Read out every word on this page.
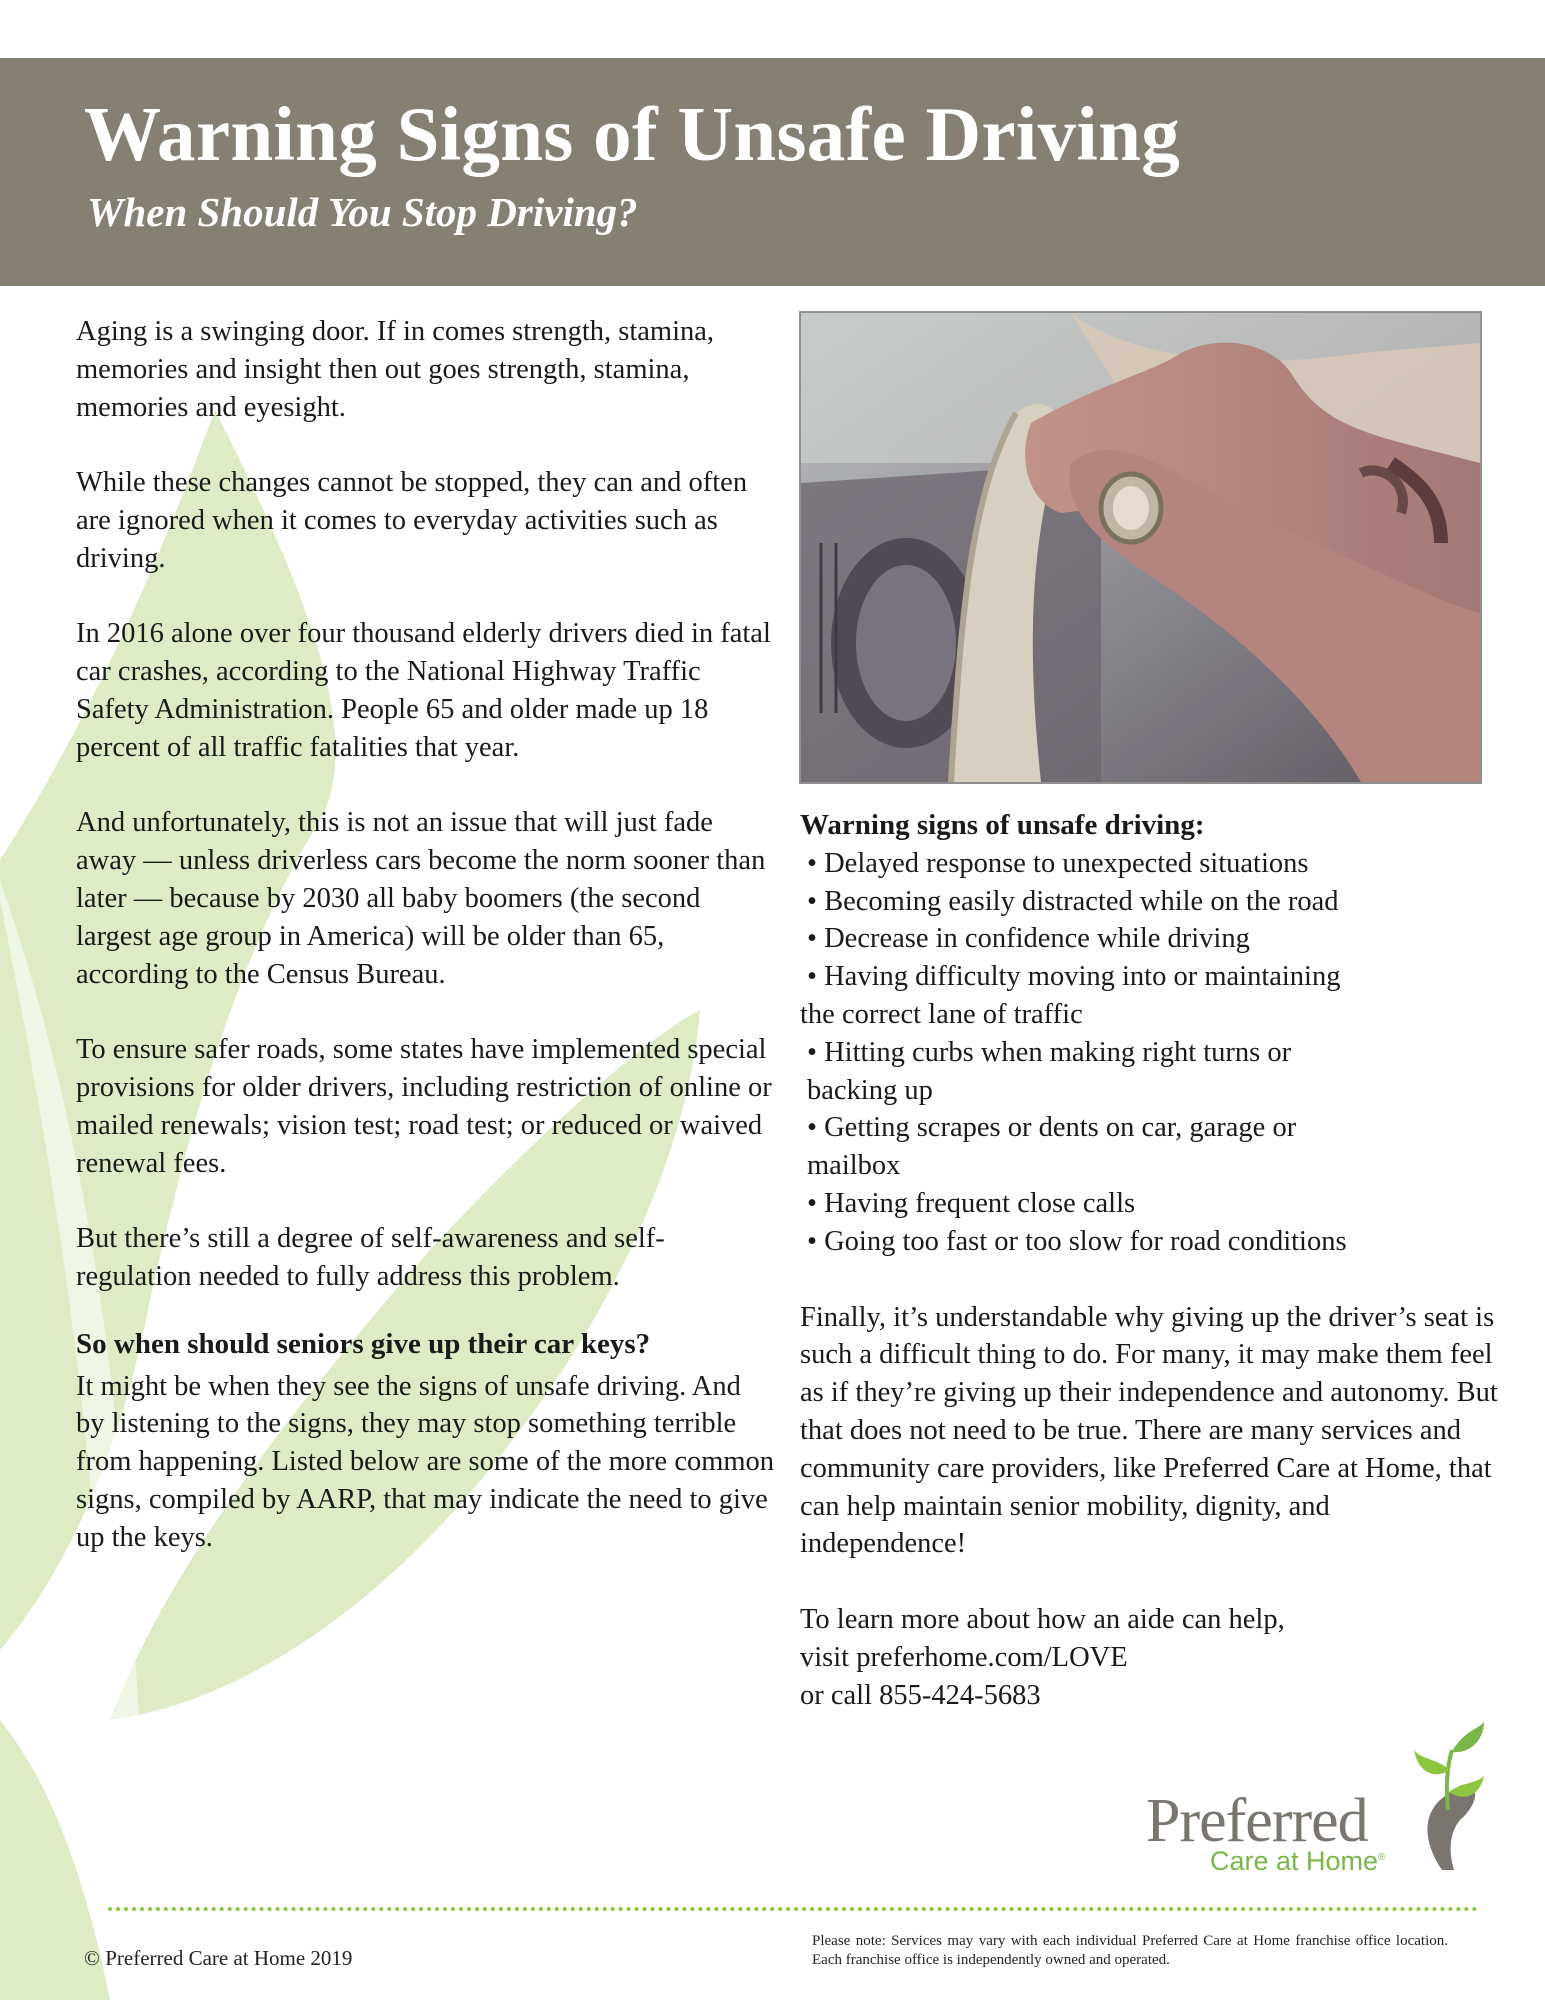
Warning Signs of Unsafe Driving
When Should You Stop Driving?

Aging is a swinging door. If in comes strength, stamina, memories and insight then out goes strength, stamina, memories and eyesight.

While these changes cannot be stopped, they can and often are ignored when it comes to everyday activities such as driving.

In 2016 alone over four thousand elderly drivers died in fatal car crashes, according to the National Highway Traffic Safety Administration. People 65 and older made up 18 percent of all traffic fatalities that year.

And unfortunately, this is not an issue that will just fade away — unless driverless cars become the norm sooner than later — because by 2030 all baby boomers (the second largest age group in America) will be older than 65, according to the Census Bureau.

To ensure safer roads, some states have implemented special provisions for older drivers, including restriction of online or mailed renewals; vision test; road test; or reduced or waived renewal fees.

But there’s still a degree of self-awareness and self-regulation needed to fully address this problem.

So when should seniors give up their car keys?

It might be when they see the signs of unsafe driving. And by listening to the signs, they may stop something terrible from happening. Listed below are some of the more common signs, compiled by AARP, that may indicate the need to give up the keys.

Warning signs of unsafe driving:
• Delayed response to unexpected situations
• Becoming easily distracted while on the road
• Decrease in confidence while driving
• Having difficulty moving into or maintaining
the correct lane of traffic
• Hitting curbs when making right turns or
backing up
• Getting scrapes or dents on car, garage or
mailbox
• Having frequent close calls
• Going too fast or too slow for road conditions

Finally, it’s understandable why giving up the driver’s seat is such a difficult thing to do. For many, it may make them feel as if they’re giving up their independence and autonomy. But that does not need to be true. There are many services and community care providers, like Preferred Care at Home, that can help maintain senior mobility, dignity, and independence!

To learn more about how an aide can help,
visit preferhome.com/LOVE
or call 855-424-5683

Preferred
Care at Home®
© Preferred Care at Home 2019
Please note: Services may vary with each individual Preferred Care at Home franchise office location. Each franchise office is independently owned and operated.
